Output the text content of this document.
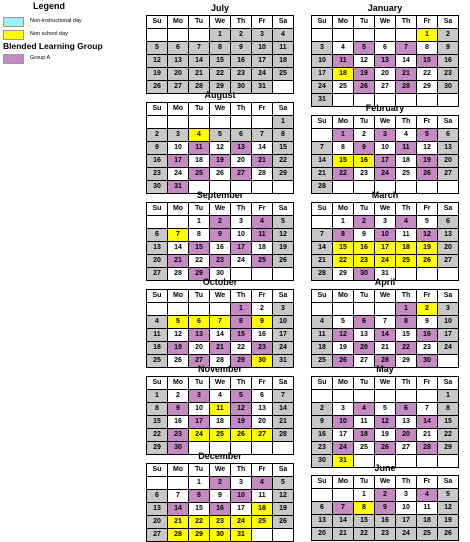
Legend
Non-instructional day
Non school day
Blended Learning Group
Group A
July
Su	Mo	Tu	We	Th	Fr	Sa
			1	2	3	4
5	6	7	8	9	10	11
12	13	14	15	16	17	18
19	20	21	22	23	24	25
26	27	28	29	30	31	
August
Su	Mo	Tu	We	Th	Fr	Sa
						1
2	3	4	5	6	7	8
9	10	11	12	13	14	15
16	17	18	19	20	21	22
23	24	25	26	27	28	29
30	31					
September
Su	Mo	Tu	We	Th	Fr	Sa
		1	2	3	4	5
6	7	8	9	10	11	12
13	14	15	16	17	18	19
20	21	22	23	24	25	26
27	28	29	30			
October
Su	Mo	Tu	We	Th	Fr	Sa
				1	2	3
4	5	6	7	8	9	10
11	12	13	14	15	16	17
18	19	20	21	22	23	24
25	26	27	28	29	30	31
November
Su	Mo	Tu	We	Th	Fr	Sa
1	2	3	4	5	6	7
8	9	10	11	12	13	14
15	16	17	18	19	20	21
22	23	24	25	26	27	28
29	30					
December
Su	Mo	Tu	We	Th	Fr	Sa
		1	2	3	4	5
6	7	8	9	10	11	12
13	14	15	16	17	18	19
20	21	22	23	24	25	26
27	28	29	30	31		
January
Su	Mo	Tu	We	Th	Fr	Sa
					1	2
3	4	5	6	7	8	9
10	11	12	13	14	15	16
17	18	19	20	21	22	23
24	25	26	27	28	29	30
31						
February
Su	Mo	Tu	We	Th	Fr	Sa
	1	2	3	4	5	6
7	8	9	10	11	12	13
14	15	16	17	18	19	20
21	22	23	24	25	26	27
28						
March
Su	Mo	Tu	We	Th	Fr	Sa
	1	2	3	4	5	6
7	8	9	10	11	12	13
14	15	16	17	18	19	20
21	22	23	24	25	26	27
28	29	30	31			
April
Su	Mo	Tu	We	Th	Fr	Sa
				1	2	3
4	5	6	7	8	9	10
11	12	13	14	15	16	17
18	19	20	21	22	23	24
25	26	27	28	29	30	
May
Su	Mo	Tu	We	Th	Fr	Sa
						1
2	3	4	5	6	7	8
9	10	11	12	13	14	15
16	17	18	19	20	21	22
23	24	25	26	27	28	29
30	31					
June
Su	Mo	Tu	We	Th	Fr	Sa
		1	2	3	4	5
6	7	8	9	10	11	12
13	14	15	16	17	18	19
20	21	22	23	24	25	26
